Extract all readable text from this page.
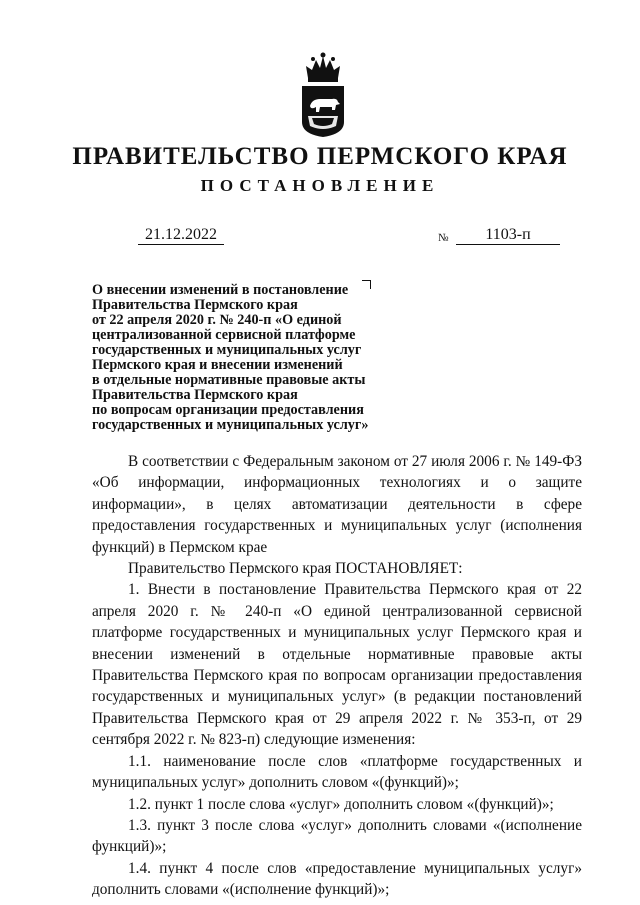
ПРАВИТЕЛЬСТВО ПЕРМСКОГО КРАЯ
ПОСТАНОВЛЕНИЕ
21.12.2022	№	1103-п
О внесении изменений в постановление
Правительства Пермского края
от 22 апреля 2020 г. № 240-п «О единой
централизованной сервисной платформе
государственных и муниципальных услуг
Пермского края и внесении изменений
в отдельные нормативные правовые акты
Правительства Пермского края
по вопросам организации предоставления
государственных и муниципальных услуг»
В соответствии с Федеральным законом от 27 июля 2006 г. № 149-ФЗ «Об информации, информационных технологиях и о защите информации», в целях автоматизации деятельности в сфере предоставления государственных и муниципальных услуг (исполнения функций) в Пермском крае
Правительство Пермского края ПОСТАНОВЛЯЕТ:
1. Внести в постановление Правительства Пермского края от 22 апреля 2020 г. № 240-п «О единой централизованной сервисной платформе государственных и муниципальных услуг Пермского края и внесении изменений в отдельные нормативные правовые акты Правительства Пермского края по вопросам организации предоставления государственных и муниципальных услуг» (в редакции постановлений Правительства Пермского края от 29 апреля 2022 г. № 353-п, от 29 сентября 2022 г. № 823-п) следующие изменения:
1.1. наименование после слов «платформе государственных и муниципальных услуг» дополнить словом «(функций)»;
1.2. пункт 1 после слова «услуг» дополнить словом «(функций)»;
1.3. пункт 3 после слова «услуг» дополнить словами «(исполнение функций)»;
1.4. пункт 4 после слов «предоставление муниципальных услуг» дополнить словами «(исполнение функций)»;
